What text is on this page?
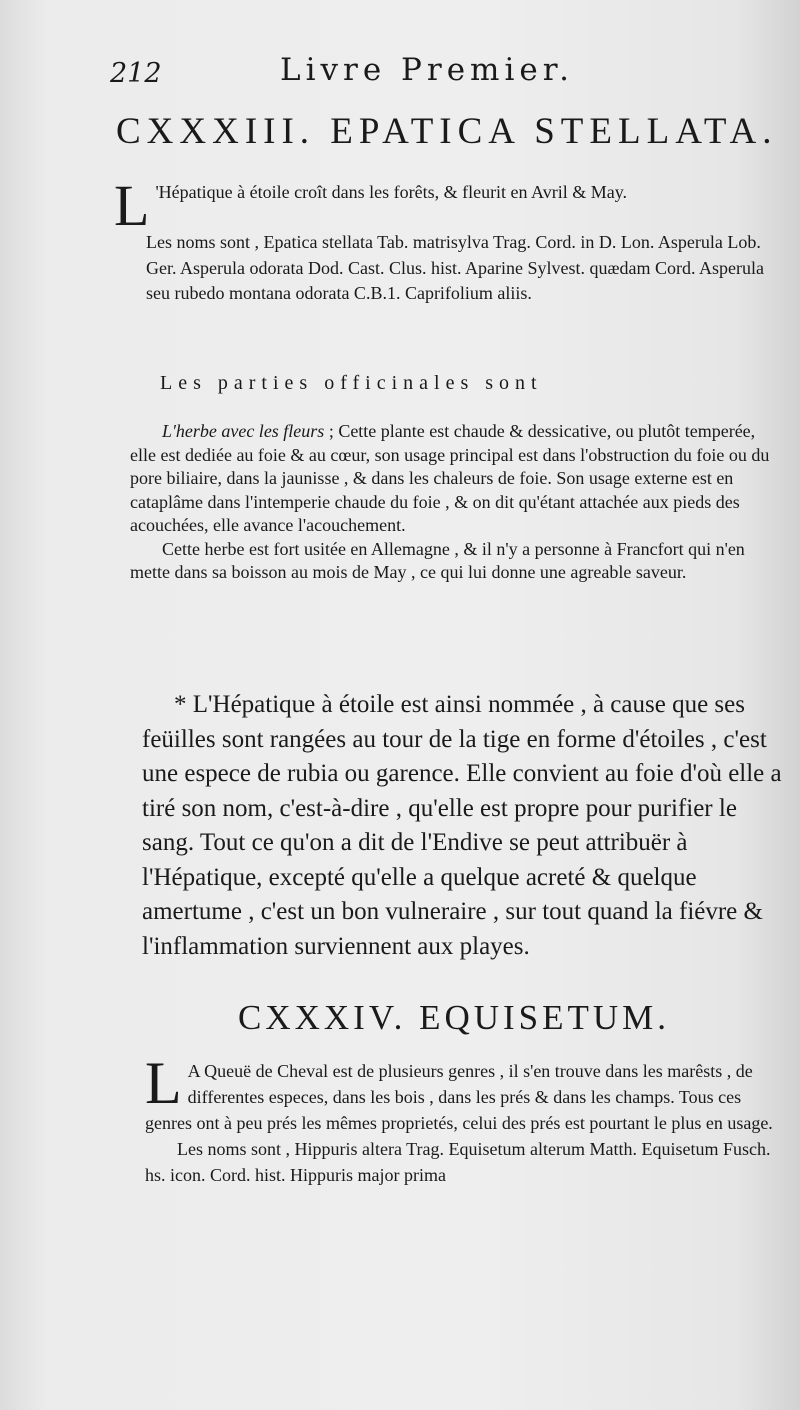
212	Livre Premier.
CXXXIII. EPATICA STELLATA.
L 'Hépatique à étoile croît dans les forêts, & fleurit en Avril & May.

Les noms sont , Epatica stellata Tab. matrisylva Trag. Cord. in D. Lon. Asperula Lob. Ger. Asperula odorata Dod. Cast. Clus. hist. Aparine Sylvest. quædam Cord. Asperula seu rubedo montana odorata C.B.1. Caprifolium aliis.

Les parties officinales sont

L'herbe avec les fleurs ; Cette plante est chaude & dessicative, ou plutôt temperée, elle est dediée au foie & au cœur, son usage principal est dans l'obstruction du foie ou du pore biliaire, dans la jaunisse , & dans les chaleurs de foie. Son usage externe est en cataplâme dans l'intemperie chaude du foie , & on dit qu'étant attachée aux pieds des acouchées, elle avance l'acouchement.

Cette herbe est fort usitée en Allemagne , & il n'y a personne à Francfort qui n'en mette dans sa boisson au mois de May , ce qui lui donne une agreable saveur.

* L'Hépatique à étoile est ainsi nommée , à cause que ses feüilles sont rangées au tour de la tige en forme d'étoiles , c'est une espece de rubia ou garence. Elle convient au foie d'où elle a tiré son nom, c'est-à-dire , qu'elle est propre pour purifier le sang. Tout ce qu'on a dit de l'Endive se peut attribuër à l'Hépatique, excepté qu'elle a quelque acreté & quelque amertume , c'est un bon vulneraire , sur tout quand la fiévre & l'inflammation surviennent aux playes.

CXXXIV. EQUISETUM.
L A Queuë de Cheval est de plusieurs genres , il s'en trouve dans les marêsts , de differentes especes, dans les bois , dans les prés & dans les champs. Tous ces genres ont à peu prés les mêmes proprietés, celui des prés est pourtant le plus en usage.

Les noms sont , Hippuris altera Trag. Equisetum alterum Matth. Equisetum Fusch. hs. icon. Cord. hist. Hippuris major prima
